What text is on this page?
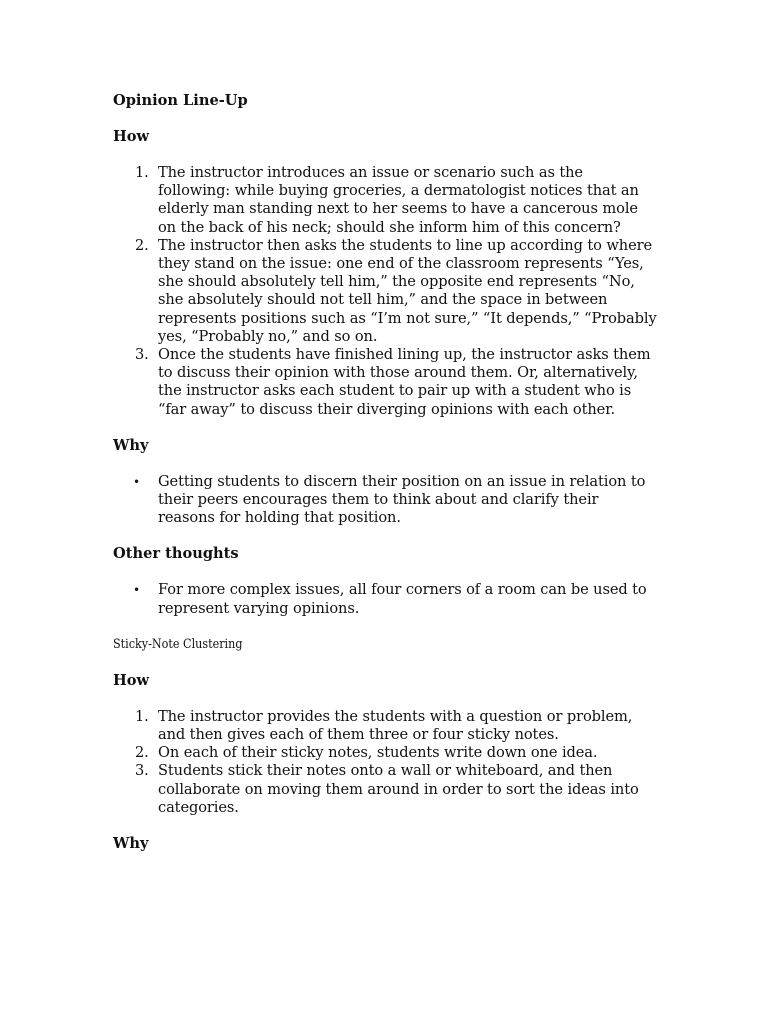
Opinion Line-Up

How

1. The instructor introduces an issue or scenario such as the following: while buying groceries, a dermatologist notices that an elderly man standing next to her seems to have a cancerous mole on the back of his neck; should she inform him of this concern?
2. The instructor then asks the students to line up according to where they stand on the issue: one end of the classroom represents “Yes, she should absolutely tell him,” the opposite end represents “No, she absolutely should not tell him,” and the space in between represents positions such as “I’m not sure,” “It depends,” “Probably yes, “Probably no,” and so on.
3. Once the students have finished lining up, the instructor asks them to discuss their opinion with those around them. Or, alternatively, the instructor asks each student to pair up with a student who is “far away” to discuss their diverging opinions with each other.

Why

•	Getting students to discern their position on an issue in relation to their peers encourages them to think about and clarify their reasons for holding that position.

Other thoughts

•	For more complex issues, all four corners of a room can be used to represent varying opinions.

Sticky-Note Clustering

How

1. The instructor provides the students with a question or problem, and then gives each of them three or four sticky notes.
2. On each of their sticky notes, students write down one idea.
3. Students stick their notes onto a wall or whiteboard, and then collaborate on moving them around in order to sort the ideas into categories.

Why
